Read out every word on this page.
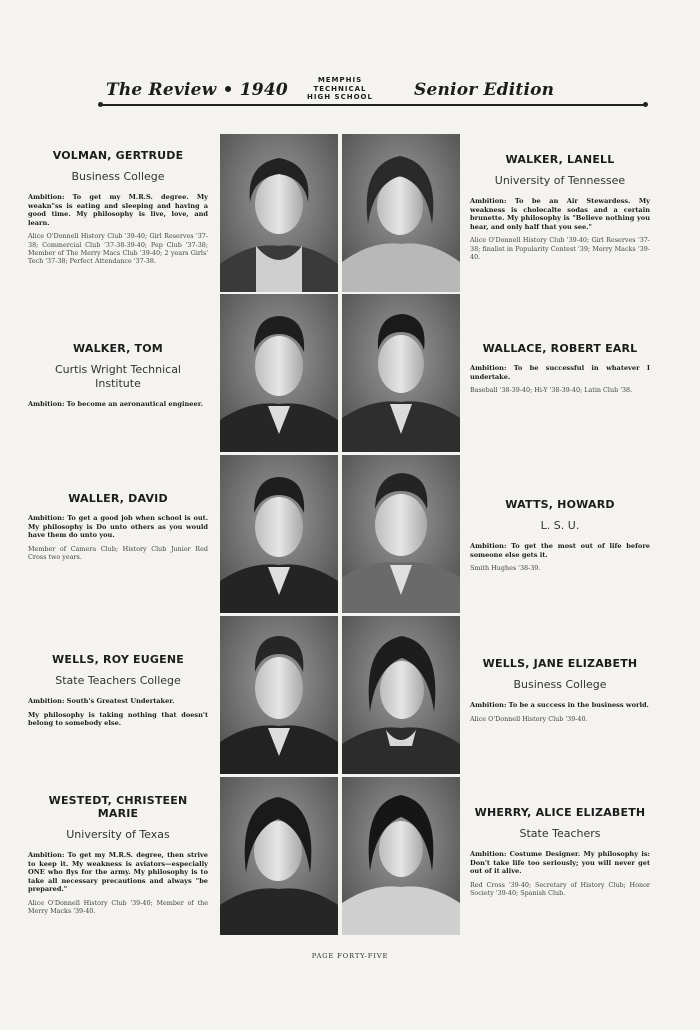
The Review • 1940	MEMPHIS
TECHNICAL
HIGH SCHOOL	Senior Edition
VOLMAN, GERTRUDE
Business College
Ambition: To get my M.R.S. degree. My weakn"ss is eating and sleeping and having a good time. My philosophy is live, love, and learn.
Alice O'Donnell History Club '39-40; Girl Reserves '37-38; Commercial Club '37-38-39-40; Pep Club '37-38; Member of The Merry Macs Club '39-40; 2 years Girls' Tech '37-38; Perfect Attendance '37-38.
WALKER, TOM
Curtis Wright Technical Institute
Ambition: To become an aeronautical engineer.
WALLER, DAVID
Ambition: To get a good job when school is out. My philosophy is Do unto others as you would have them do unto you.
Member of Camera Club; History Club Junior Red Cross two years.
WELLS, ROY EUGENE
State Teachers College
Ambition: South's Greatest Undertaker.
My philosophy is taking nothing that doesn't belong to somebody else.
WESTEDT, CHRISTEEN MARIE
University of Texas
Ambition: To get my M.R.S. degree, then strive to keep it. My weakness is aviators—especially ONE who flys for the army. My philosophy is to take all necessary precautions and always "be prepared."
Alice O'Donnell History Club '39-40; Member of the Merry Macks '39-40.
WALKER, LANELL
University of Tennessee
Ambition: To be an Air Stewardess. My weakness is cholocalte sodas and a certain brunette. My philosophy is "Believe nothing you hear, and only half that you see."
Alice O'Donnell History Club '39-40; Girl Reserves '37-38; finalist in Popularity Contest '39; Merry Macks '39-40.
WALLACE, ROBERT EARL
Ambition: To be successful in whatever I undertake.
Baseball '38-39-40; Hi-Y '38-39-40; Latin Club '38.
WATTS, HOWARD
L. S. U.
Ambition: To get the most out of life before someone else gets it.
Smith Hughes '38-39.
WELLS, JANE ELIZABETH
Business College
Ambition: To be a success in the business world.
Alice O'Donnell History Club '39-40.
WHERRY, ALICE ELIZABETH
State Teachers
Ambition: Costume Designer. My philosophy is: Don't take life too seriously; you will never get out of it alive.
Red Cross '39-40; Secretary of History Club; Honor Society '39-40; Spanish Club.
PAGE FORTY-FIVE
